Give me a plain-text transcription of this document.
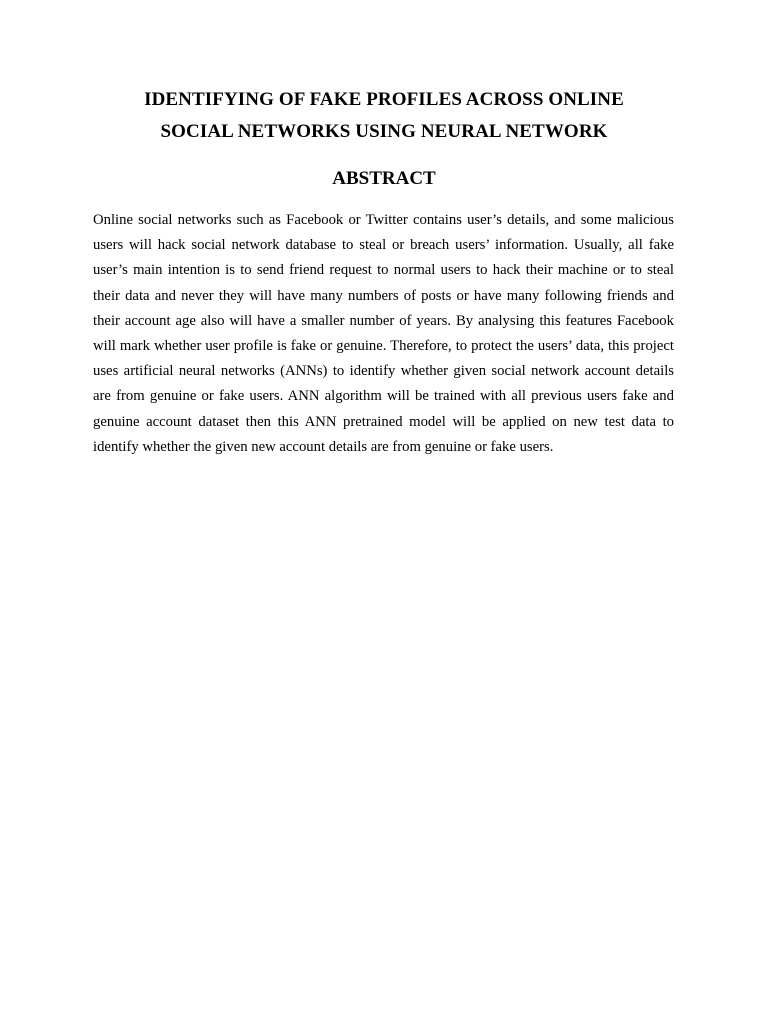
IDENTIFYING OF FAKE PROFILES ACROSS ONLINE
SOCIAL NETWORKS USING NEURAL NETWORK
ABSTRACT

Online social networks such as Facebook or Twitter contains user’s details, and some malicious users will hack social network database to steal or breach users’ information. Usually, all fake user’s main intention is to send friend request to normal users to hack their machine or to steal their data and never they will have many numbers of posts or have many following friends and their account age also will have a smaller number of years. By analysing this features Facebook will mark whether user profile is fake or genuine. Therefore, to protect the users’ data, this project uses artificial neural networks (ANNs) to identify whether given social network account details are from genuine or fake users. ANN algorithm will be trained with all previous users fake and genuine account dataset then this ANN pretrained model will be applied on new test data to identify whether the given new account details are from genuine or fake users.
